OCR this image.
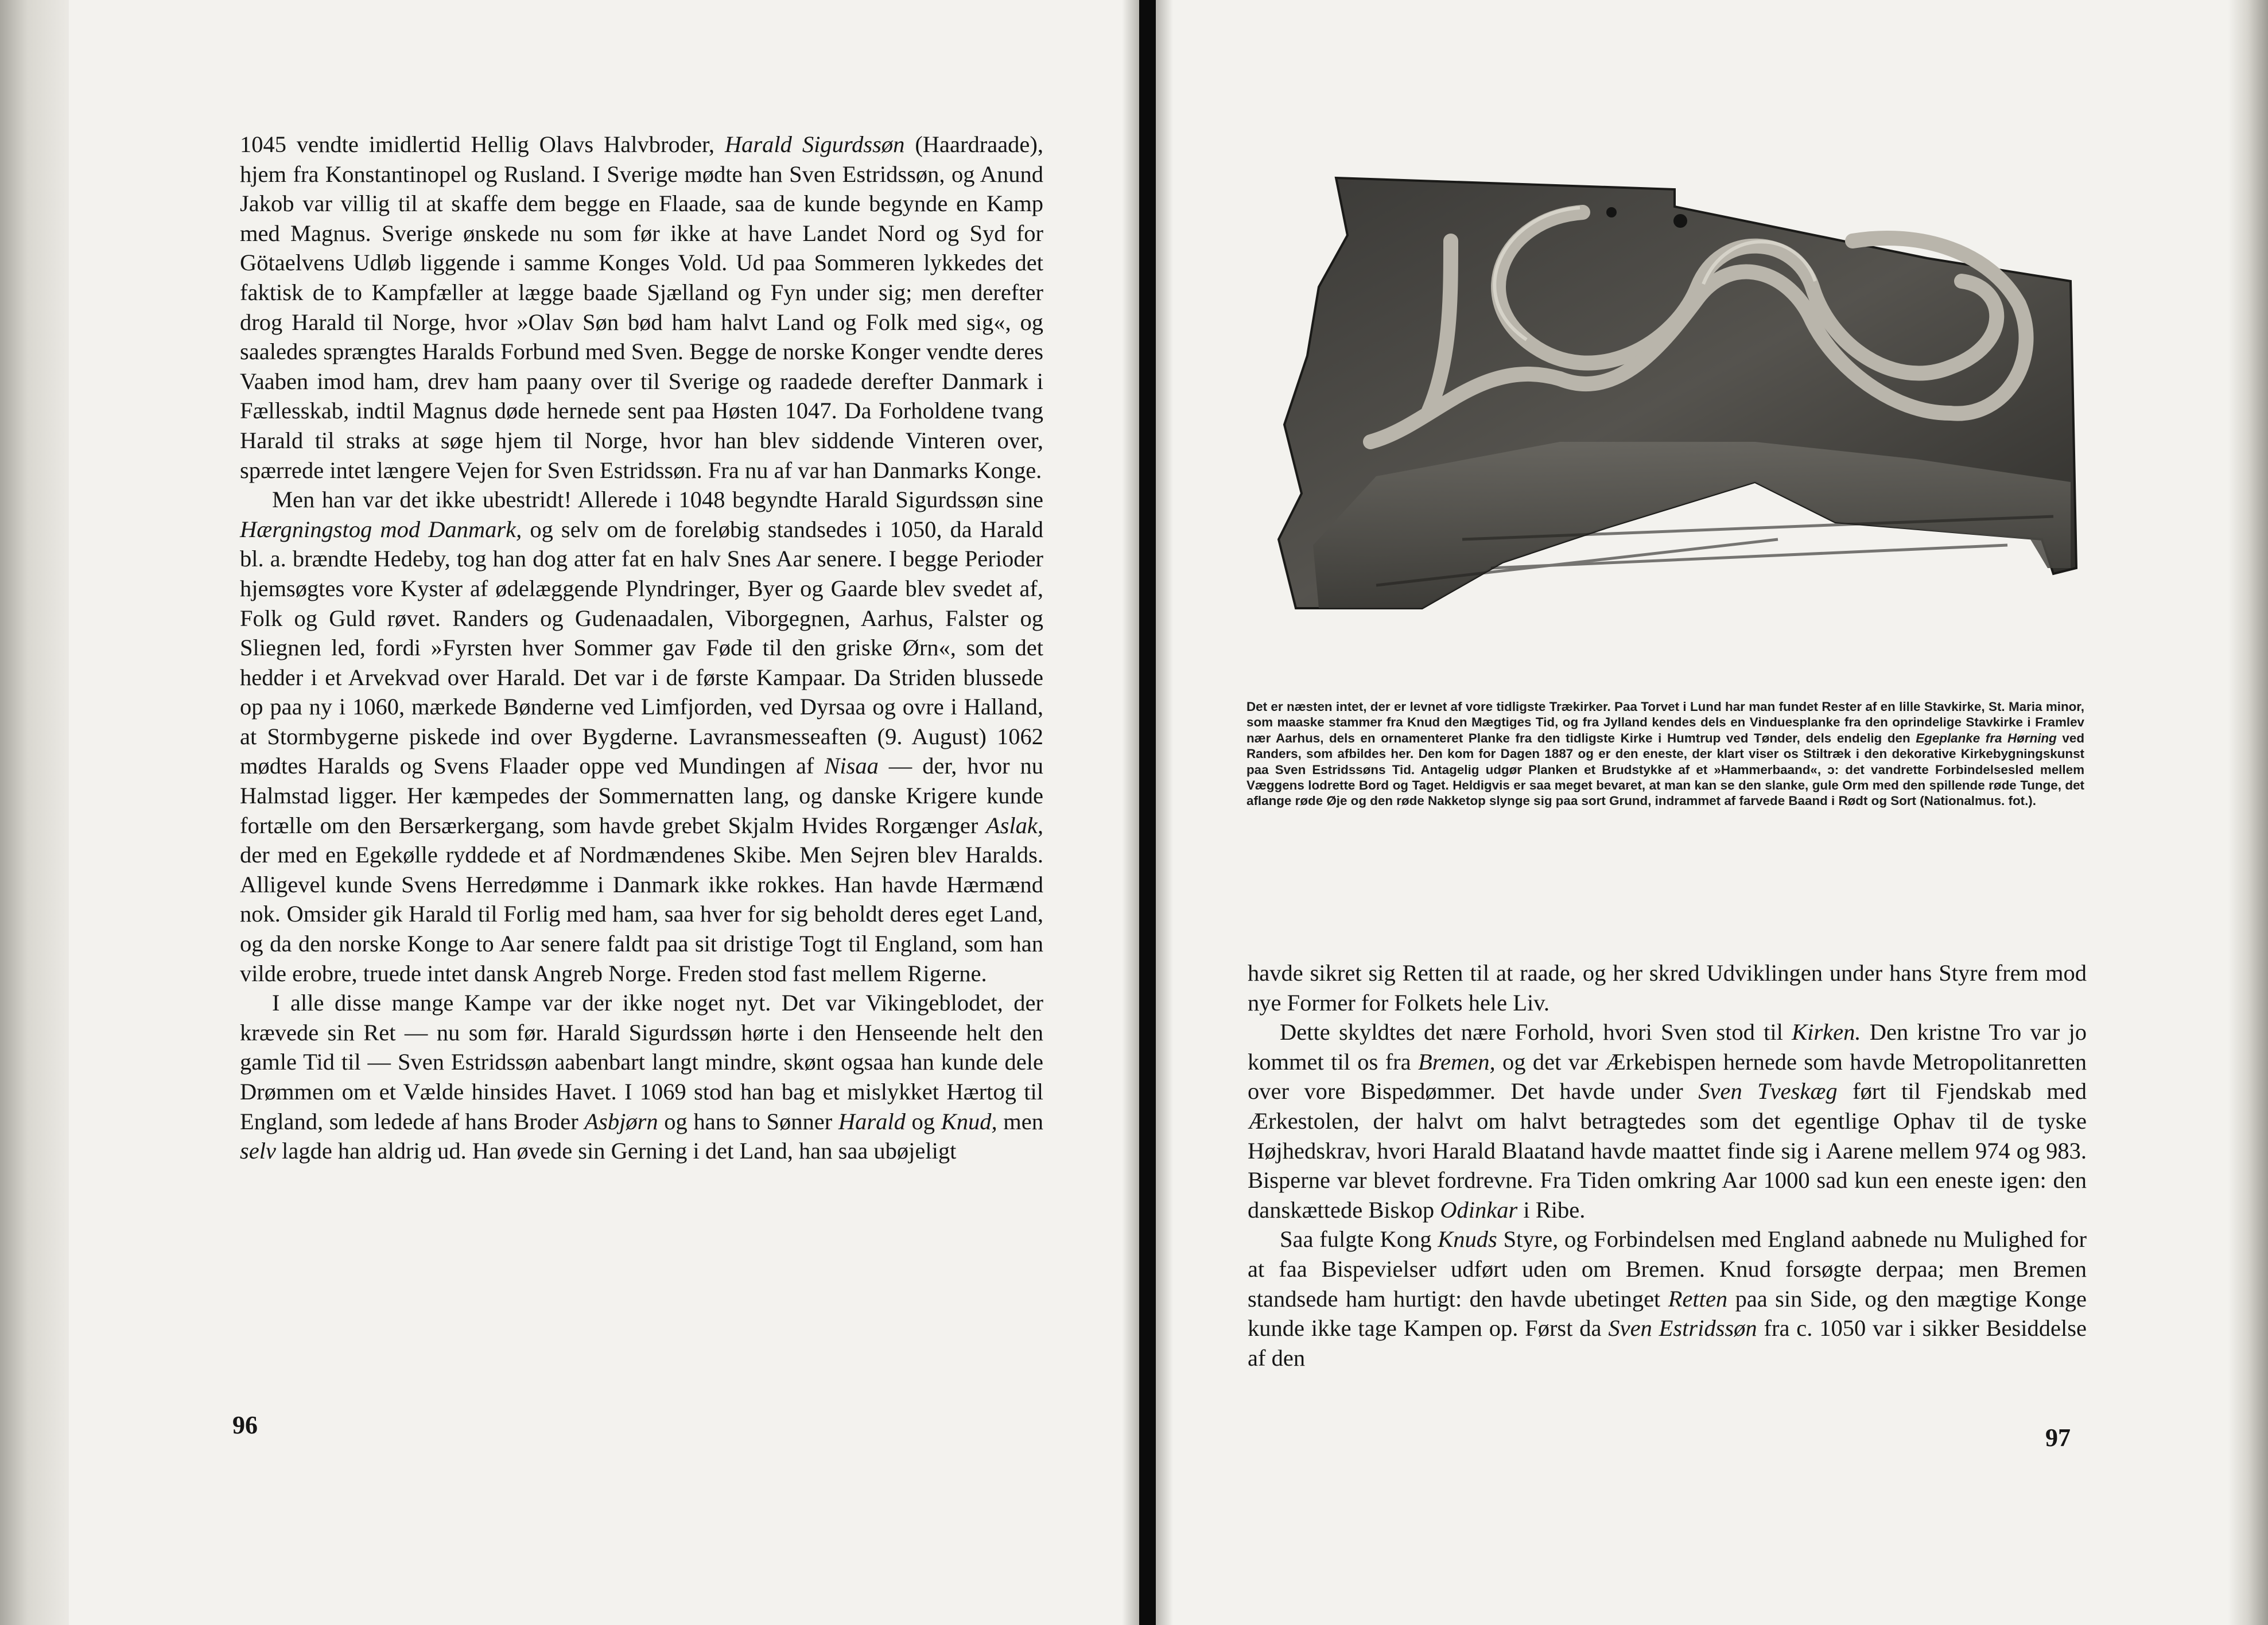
1045 vendte imidlertid Hellig Olavs Halvbroder, Harald Sigurdssøn (Haardraade), hjem fra Konstantinopel og Rusland. I Sverige mødte han Sven Estridssøn, og Anund Jakob var villig til at skaffe dem begge en Flaade, saa de kunde begynde en Kamp med Magnus. Sverige ønskede nu som før ikke at have Landet Nord og Syd for Götaelvens Udløb liggende i samme Konges Vold. Ud paa Sommeren lykkedes det faktisk de to Kampfæller at lægge baade Sjælland og Fyn under sig; men derefter drog Harald til Norge, hvor »Olav Søn bød ham halvt Land og Folk med sig«, og saaledes sprængtes Haralds Forbund med Sven. Begge de norske Konger vendte deres Vaaben imod ham, drev ham paany over til Sverige og raadede derefter Danmark i Fællesskab, indtil Magnus døde hernede sent paa Høsten 1047. Da Forholdene tvang Harald til straks at søge hjem til Norge, hvor han blev siddende Vinteren over, spærrede intet længere Vejen for Sven Estridssøn. Fra nu af var han Danmarks Konge.

Men han var det ikke ubestridt! Allerede i 1048 begyndte Harald Sigurdssøn sine Hærgningstog mod Danmark, og selv om de foreløbig standsedes i 1050, da Harald bl. a. brændte Hedeby, tog han dog atter fat en halv Snes Aar senere. I begge Perioder hjemsøgtes vore Kyster af ødelæggende Plyndringer, Byer og Gaarde blev svedet af, Folk og Guld røvet. Randers og Gudenaadalen, Viborgegnen, Aarhus, Falster og Sliegnen led, fordi »Fyrsten hver Sommer gav Føde til den griske Ørn«, som det hedder i et Arvekvad over Harald. Det var i de første Kampaar. Da Striden blussede op paa ny i 1060, mærkede Bønderne ved Limfjorden, ved Dyrsaa og ovre i Halland, at Stormbygerne piskede ind over Bygderne. Lavransmesseaften (9. August) 1062 mødtes Haralds og Svens Flaader oppe ved Mundingen af Nisaa — der, hvor nu Halmstad ligger. Her kæmpedes der Sommernatten lang, og danske Krigere kunde fortælle om den Bersærkergang, som havde grebet Skjalm Hvides Rorgænger Aslak, der med en Egekølle ryddede et af Nordmændenes Skibe. Men Sejren blev Haralds. Alligevel kunde Svens Herredømme i Danmark ikke rokkes. Han havde Hærmænd nok. Omsider gik Harald til Forlig med ham, saa hver for sig beholdt deres eget Land, og da den norske Konge to Aar senere faldt paa sit dristige Togt til England, som han vilde erobre, truede intet dansk Angreb Norge. Freden stod fast mellem Rigerne.

I alle disse mange Kampe var der ikke noget nyt. Det var Vikingeblodet, der krævede sin Ret — nu som før. Harald Sigurdssøn hørte i den Henseende helt den gamle Tid til — Sven Estridssøn aabenbart langt mindre, skønt ogsaa han kunde dele Drømmen om et Vælde hinsides Havet. I 1069 stod han bag et mislykket Hærtog til England, som ledede af hans Broder Asbjørn og hans to Sønner Harald og Knud, men selv lagde han aldrig ud. Han øvede sin Gerning i det Land, han saa ubøjeligt

96
Det er næsten intet, der er levnet af vore tidligste Trækirker. Paa Torvet i Lund har man fundet Rester af en lille Stavkirke, St. Maria minor, som maaske stammer fra Knud den Mægtiges Tid, og fra Jylland kendes dels en Vinduesplanke fra den oprindelige Stavkirke i Framlev nær Aarhus, dels en ornamenteret Planke fra den tidligste Kirke i Humtrup ved Tønder, dels endelig den Egeplanke fra Hørning ved Randers, som afbildes her. Den kom for Dagen 1887 og er den eneste, der klart viser os Stiltræk i den dekorative Kirkebygningskunst paa Sven Estridssøns Tid. Antagelig udgør Planken et Brudstykke af et »Hammerbaand«, ɔ: det vandrette Forbindelsesled mellem Væggens lodrette Bord og Taget. Heldigvis er saa meget bevaret, at man kan se den slanke, gule Orm med den spillende røde Tunge, det aflange røde Øje og den røde Nakketop slynge sig paa sort Grund, indrammet af farvede Baand i Rødt og Sort (Nationalmus. fot.).

havde sikret sig Retten til at raade, og her skred Udviklingen under hans Styre frem mod nye Former for Folkets hele Liv.

Dette skyldtes det nære Forhold, hvori Sven stod til Kirken. Den kristne Tro var jo kommet til os fra Bremen, og det var Ærkebispen hernede som havde Metropolitanretten over vore Bispedømmer. Det havde under Sven Tveskæg ført til Fjendskab med Ærkestolen, der halvt om halvt betragtedes som det egentlige Ophav til de tyske Højhedskrav, hvori Harald Blaatand havde maattet finde sig i Aarene mellem 974 og 983. Bisperne var blevet fordrevne. Fra Tiden omkring Aar 1000 sad kun een eneste igen: den danskættede Biskop Odinkar i Ribe.

Saa fulgte Kong Knuds Styre, og Forbindelsen med England aabnede nu Mulighed for at faa Bispevielser udført uden om Bremen. Knud forsøgte derpaa; men Bremen standsede ham hurtigt: den havde ubetinget Retten paa sin Side, og den mægtige Konge kunde ikke tage Kampen op. Først da Sven Estridssøn fra c. 1050 var i sikker Besiddelse af den

97
